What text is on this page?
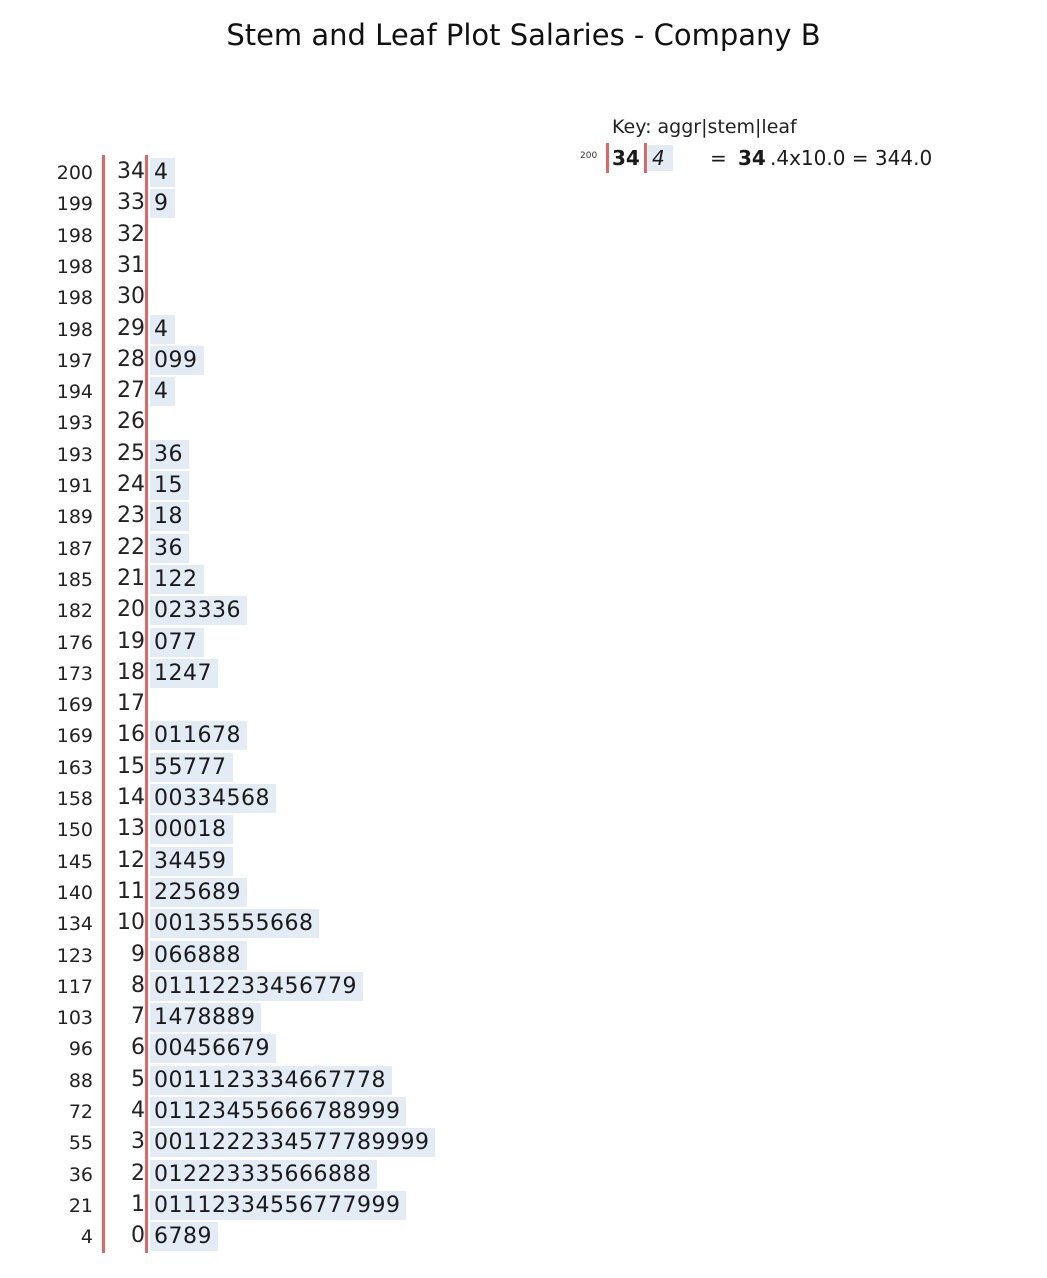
Stem and Leaf Plot Salaries - Company B
Key: aggr|stem|leaf
200 34 4	= 34 .4x10.0 = 344.0
200	34 4
199	33 9
198	32
198	31
198	30
198	29 4
197	28 099
194	27 4
193	26
193	25 36
191	24 15
189	23 18
187	22 36
185	21 122
182	20 023336
176	19 077
173	18 1247
169	17
169	16 011678
163	15 55777
158	14 00334568
150	13 00018
145	12 34459
140	11 225689
134	10 00135555668
123	9 066888
117	8 01112233456779
103	7 1478889
96	6 00456679
88	5 0011123334667778
72	4 01123455666788999
55	3 0011222334577789999
36	2 012223335666888
21	1 01112334556777999
4	0 6789
